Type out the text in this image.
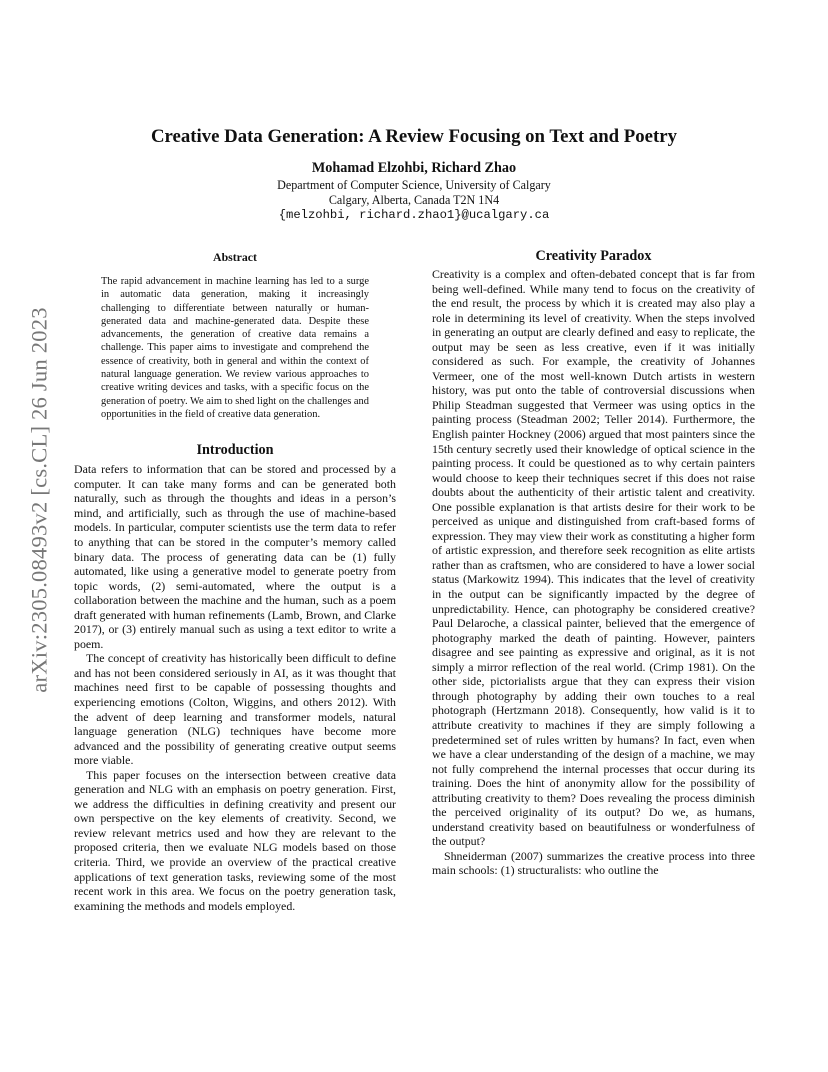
arXiv:2305.08493v2 [cs.CL] 26 Jun 2023
Creative Data Generation: A Review Focusing on Text and Poetry
Mohamad Elzohbi, Richard Zhao
Department of Computer Science, University of Calgary
Calgary, Alberta, Canada T2N 1N4
{melzohbi, richard.zhao1}@ucalgary.ca
Abstract

The rapid advancement in machine learning has led to a surge in automatic data generation, making it increasingly challenging to differentiate between naturally or human-generated data and machine-generated data. Despite these advancements, the generation of creative data remains a challenge. This paper aims to investigate and comprehend the essence of creativity, both in general and within the context of natural language generation. We review various approaches to creative writing devices and tasks, with a specific focus on the generation of poetry. We aim to shed light on the challenges and opportunities in the field of creative data generation.

Introduction

Data refers to information that can be stored and processed by a computer. It can take many forms and can be generated both naturally, such as through the thoughts and ideas in a person’s mind, and artificially, such as through the use of machine-based models. In particular, computer scientists use the term data to refer to anything that can be stored in the computer’s memory called binary data. The process of generating data can be (1) fully automated, like using a generative model to generate poetry from topic words, (2) semi-automated, where the output is a collaboration between the machine and the human, such as a poem draft generated with human refinements (Lamb, Brown, and Clarke 2017), or (3) entirely manual such as using a text editor to write a poem.

The concept of creativity has historically been difficult to define and has not been considered seriously in AI, as it was thought that machines need first to be capable of possessing thoughts and experiencing emotions (Colton, Wiggins, and others 2012). With the advent of deep learning and transformer models, natural language generation (NLG) techniques have become more advanced and the possibility of generating creative output seems more viable.

This paper focuses on the intersection between creative data generation and NLG with an emphasis on poetry generation. First, we address the difficulties in defining creativity and present our own perspective on the key elements of creativity. Second, we review relevant metrics used and how they are relevant to the proposed criteria, then we evaluate NLG models based on those criteria. Third, we provide an overview of the practical creative applications of text generation tasks, reviewing some of the most recent work in this area. We focus on the poetry generation task, examining the methods and models employed.

Creativity Paradox

Creativity is a complex and often-debated concept that is far from being well-defined. While many tend to focus on the creativity of the end result, the process by which it is created may also play a role in determining its level of creativity. When the steps involved in generating an output are clearly defined and easy to replicate, the output may be seen as less creative, even if it was initially considered as such. For example, the creativity of Johannes Vermeer, one of the most well-known Dutch artists in western history, was put onto the table of controversial discussions when Philip Steadman suggested that Vermeer was using optics in the painting process (Steadman 2002; Teller 2014). Furthermore, the English painter Hockney (2006) argued that most painters since the 15th century secretly used their knowledge of optical science in the painting process. It could be questioned as to why certain painters would choose to keep their techniques secret if this does not raise doubts about the authenticity of their artistic talent and creativity. One possible explanation is that artists desire for their work to be perceived as unique and distinguished from craft-based forms of expression. They may view their work as constituting a higher form of artistic expression, and therefore seek recognition as elite artists rather than as craftsmen, who are considered to have a lower social status (Markowitz 1994). This indicates that the level of creativity in the output can be significantly impacted by the degree of unpredictability. Hence, can photography be considered creative? Paul Delaroche, a classical painter, believed that the emergence of photography marked the death of painting. However, painters disagree and see painting as expressive and original, as it is not simply a mirror reflection of the real world. (Crimp 1981). On the other side, pictorialists argue that they can express their vision through photography by adding their own touches to a real photograph (Hertzmann 2018). Consequently, how valid is it to attribute creativity to machines if they are simply following a predetermined set of rules written by humans? In fact, even when we have a clear understanding of the design of a machine, we may not fully comprehend the internal processes that occur during its training. Does the hint of anonymity allow for the possibility of attributing creativity to them? Does revealing the process diminish the perceived originality of its output? Do we, as humans, understand creativity based on beautifulness or wonderfulness of the output?

Shneiderman (2007) summarizes the creative process into three main schools: (1) structuralists: who outline the
